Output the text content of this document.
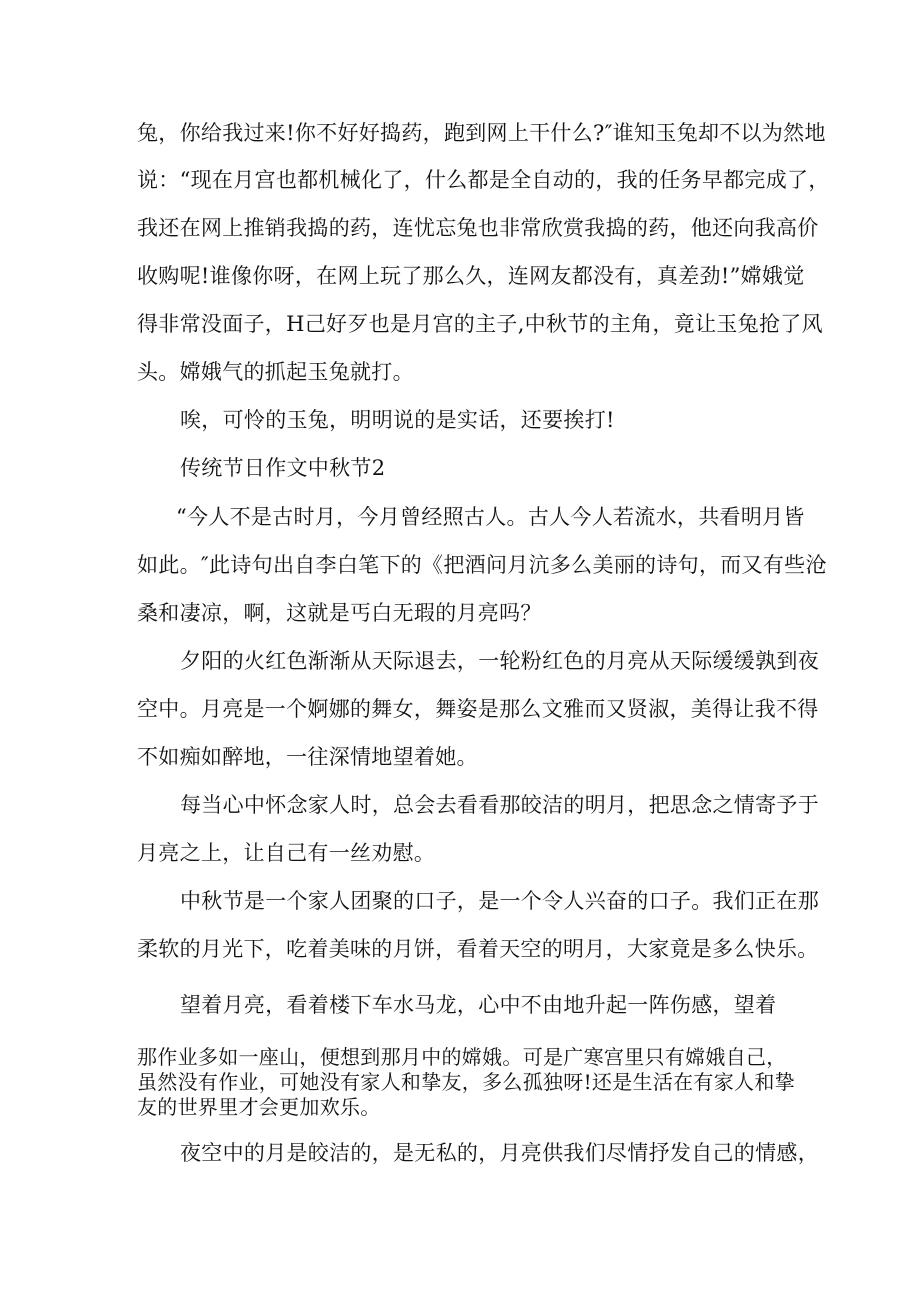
兔，你给我过来!你不好好捣药，跑到网上干什么?″谁知玉兔却不以为然地
说：“现在月宫也都机械化了，什么都是全自动的，我的任务早都完成了，
我还在网上推销我捣的药，连忧忘兔也非常欣赏我捣的药，他还向我高价
收购呢!谁像你呀，在网上玩了那么久，连网友都没有，真差劲!”嫦娥觉
得非常没面子，H己好歹也是月宫的主子,中秋节的主角，竟让玉兔抢了风
头。嫦娥气的抓起玉兔就打。
唉，可怜的玉兔，明明说的是实话，还要挨打!
传统节日作文中秋节2
“今人不是古时月，今月曾经照古人。古人今人若流水，共看明月皆
如此。″此诗句出自李白笔下的《把酒问月沆多么美丽的诗句，而又有些沧
桑和凄凉，啊，这就是丐白无瑕的月亮吗？
夕阳的火红色渐渐从天际退去，一轮粉红色的月亮从天际缓缓孰到夜
空中。月亮是一个婀娜的舞女，舞姿是那么文雅而又贤淑，美得让我不得
不如痴如醉地，一往深情地望着她。
每当心中怀念家人时，总会去看看那皎洁的明月，把思念之情寄予于
月亮之上，让自己有一丝劝慰。
中秋节是一个家人团聚的口子，是一个令人兴奋的口子。我们正在那
柔软的月光下，吃着美味的月饼，看着天空的明月，大家竟是多么快乐。
望着月亮，看着楼下车水马龙，心中不由地升起一阵伤感，望着
那作业多如一座山，便想到那月中的嫦娥。可是广寒宫里只有嫦娥自己，
虽然没有作业，可她没有家人和挚友，多么孤独呀!还是生活在有家人和挚
友的世界里才会更加欢乐。
夜空中的月是皎洁的，是无私的，月亮供我们尽情抒发自己的情感，
